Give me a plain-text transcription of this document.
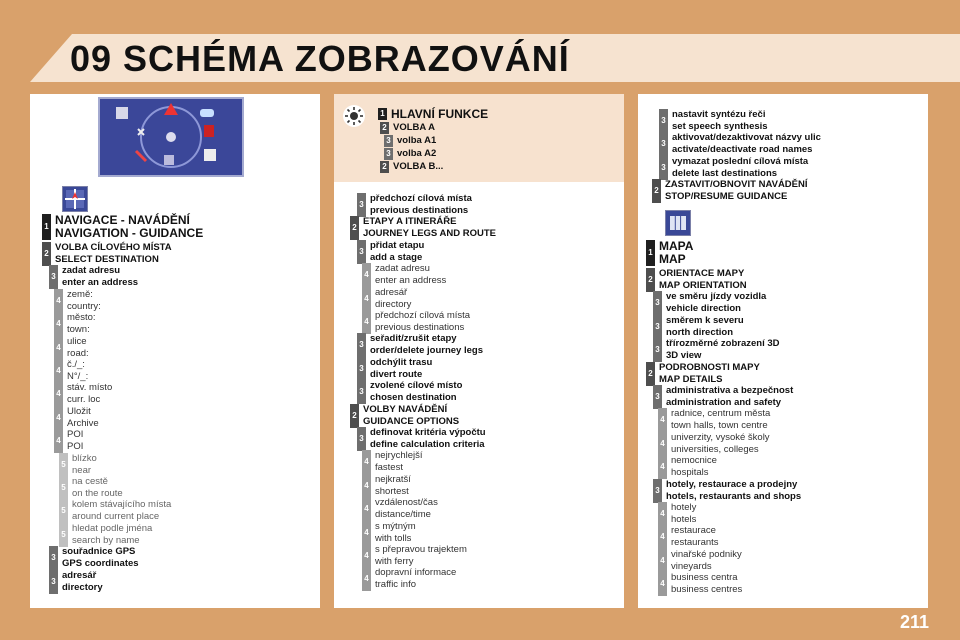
09 SCHÉMA ZOBRAZOVÁNÍ
211
1 HLAVNÍ FUNKCE
2 VOLBA A
3 volba A1
3 volba A2
2 VOLBA B...
1 NAVIGACE - NAVÁDĚNÍ
NAVIGATION - GUIDANCE
2
VOLBA CÍLOVÉHO MÍSTA
SELECT DESTINATION
3
zadat adresu
enter an address
4
země:
country:
4
město:
town:
4
ulice
road:
4
č./_:
N°/_:
4
stáv. místo
curr. loc
4
Uložit
Archive
4
POI
POI
5
blízko
near
5
na cestě
on the route
5
kolem stávajícího místa
around current place
5
hledat podle jména
search by name
3
souřadnice GPS
GPS coordinates
3
adresář
directory
3
předchozí cílová místa
previous destinations
2
ETAPY A ITINERÁŘE
JOURNEY LEGS AND ROUTE
3
přidat etapu
add a stage
4
zadat adresu
enter an address
4
adresář
directory
4
předchozí cílová místa
previous destinations
3
seřadit/zrušit etapy
order/delete journey legs
3
odchýlit trasu
divert route
3
zvolené cílové místo
chosen destination
2
VOLBY NAVÁDĚNÍ
GUIDANCE OPTIONS
3
definovat kritéria výpočtu
define calculation criteria
4
nejrychlejší
fastest
4
nejkratší
shortest
4
vzdálenost/čas
distance/time
4
s mýtným
with tolls
4
s přepravou trajektem
with ferry
4
dopravní informace
traffic info
3
nastavit syntézu řeči
set speech synthesis
3
aktivovat/dezaktivovat názvy ulic
activate/deactivate road names
3
vymazat poslední cílová místa
delete last destinations
2
ZASTAVIT/OBNOVIT NAVÁDĚNÍ
STOP/RESUME GUIDANCE
1 MAPA
MAP
2
ORIENTACE MAPY
MAP ORIENTATION
3
ve směru jízdy vozidla
vehicle direction
3
směrem k severu
north direction
3
třírozměrné zobrazení 3D
3D view
2
PODROBNOSTI MAPY
MAP DETAILS
3
administrativa a bezpečnost
administration and safety
4
radnice, centrum města
town halls, town centre
4
univerzity, vysoké školy
universities, colleges
4
nemocnice
hospitals
3
hotely, restaurace a prodejny
hotels, restaurants and shops
4
hotely
hotels
4
restaurace
restaurants
4
vinařské podniky
vineyards
4
business centra
business centres
